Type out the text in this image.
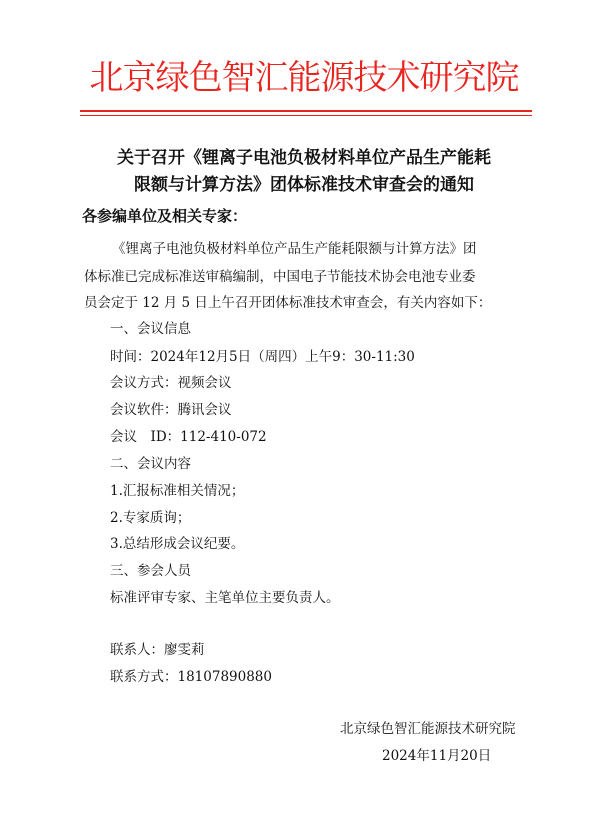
北京绿色智汇能源技术研究院
关于召开《锂离子电池负极材料单位产品生产能耗
限额与计算方法》团体标准技术审查会的通知
各参编单位及相关专家：
《锂离子电池负极材料单位产品生产能耗限额与计算方法》团
体标准已完成标准送审稿编制，中国电子节能技术协会电池专业委
员会定于 12 月 5 日上午召开团体标准技术审查会，有关内容如下：
一、会议信息
时间：2024年12月5日（周四）上午9：30-11:30
会议方式：视频会议
会议软件：腾讯会议
会议　ID：112-410-072
二、会议内容
1.汇报标准相关情况；
2.专家质询；
3.总结形成会议纪要。
三、参会人员
标准评审专家、主笔单位主要负责人。
联系人：廖雯莉
联系方式：18107890880
北京绿色智汇能源技术研究院
2024年11月20日
